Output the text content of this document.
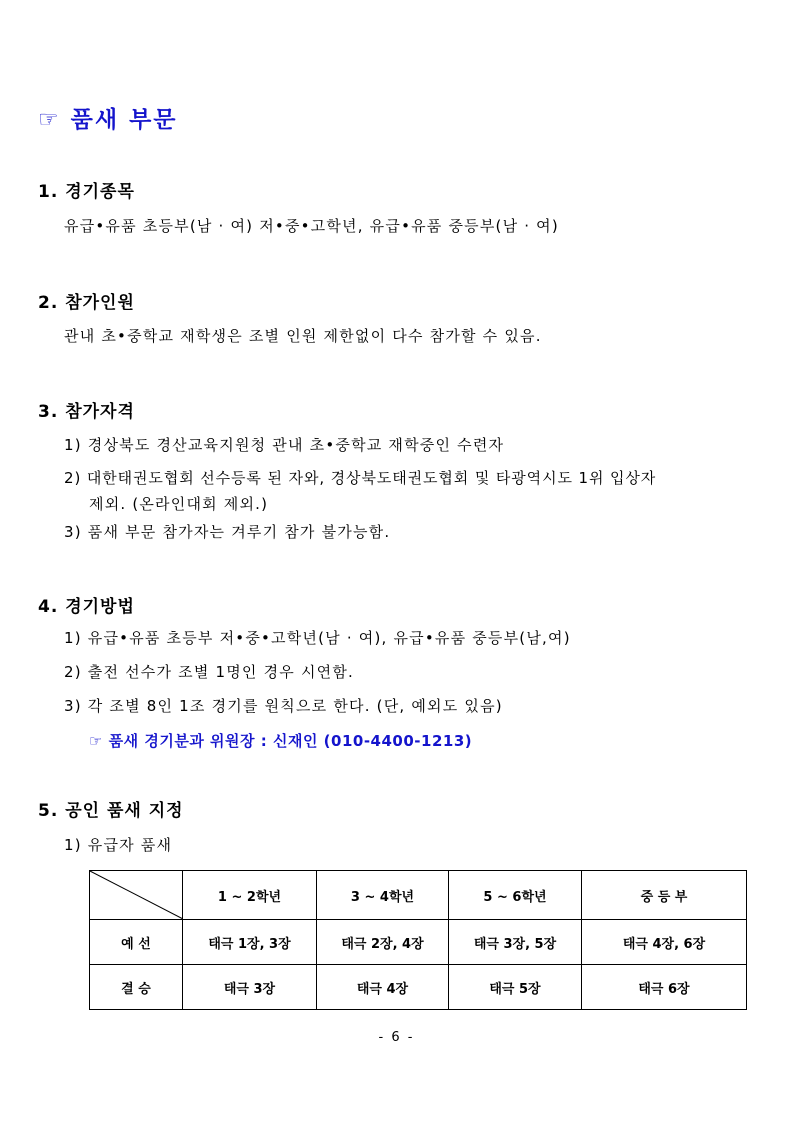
☞ 품새 부문
1. 경기종목
유급•유품 초등부(남 · 여) 저•중•고학년, 유급•유품 중등부(남 · 여)
2. 참가인원
관내 초•중학교 재학생은 조별 인원 제한없이 다수 참가할 수 있음.
3. 참가자격
1) 경상북도 경산교육지원청 관내 초•중학교 재학중인 수련자
2) 대한태권도협회 선수등록 된 자와, 경상북도태권도협회 및 타광역시도 1위 입상자
제외. (온라인대회 제외.)
3) 품새 부문 참가자는 겨루기 참가 불가능함.
4. 경기방법
1) 유급•유품 초등부 저•중•고학년(남 · 여), 유급•유품 중등부(남,여)
2) 출전 선수가 조별 1명인 경우 시연함.
3) 각 조별 8인 1조 경기를 원칙으로 한다. (단, 예외도 있음)
☞ 품새 경기분과 위원장 : 신재인 (010-4400-1213)
5. 공인 품새 지정
1) 유급자 품새
	1 ~ 2학년	3 ~ 4학년	5 ~ 6학년	중 등 부
예 선	태극 1장, 3장	태극 2장, 4장	태극 3장, 5장	태극 4장, 6장
결 승	태극 3장	태극 4장	태극 5장	태극 6장
- 6 -
